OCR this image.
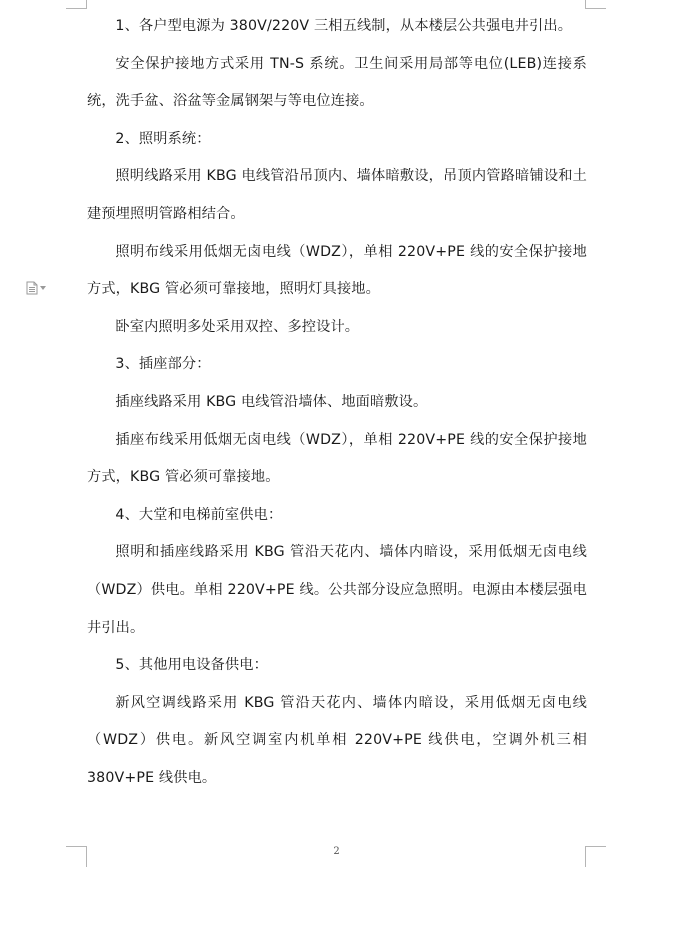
1、各户型电源为 380V/220V 三相五线制，从本楼层公共强电井引出。

安全保护接地方式采用 TN-S 系统。卫生间采用局部等电位(LEB)连接系统，洗手盆、浴盆等金属钢架与等电位连接。

2、照明系统：

照明线路采用 KBG 电线管沿吊顶内、墙体暗敷设，吊顶内管路暗铺设和土建预埋照明管路相结合。

照明布线采用低烟无卤电线（WDZ），单相 220V+PE 线的安全保护接地方式，KBG 管必须可靠接地，照明灯具接地。

卧室内照明多处采用双控、多控设计。

3、插座部分：

插座线路采用 KBG 电线管沿墙体、地面暗敷设。

插座布线采用低烟无卤电线（WDZ），单相 220V+PE 线的安全保护接地方式，KBG 管必须可靠接地。

4、大堂和电梯前室供电：

照明和插座线路采用 KBG 管沿天花内、墙体内暗设，采用低烟无卤电线（WDZ）供电。单相 220V+PE 线。公共部分设应急照明。电源由本楼层强电井引出。

5、其他用电设备供电：

新风空调线路采用 KBG 管沿天花内、墙体内暗设，采用低烟无卤电线（WDZ）供电。新风空调室内机单相 220V+PE 线供电，空调外机三相 380V+PE 线供电。

2
